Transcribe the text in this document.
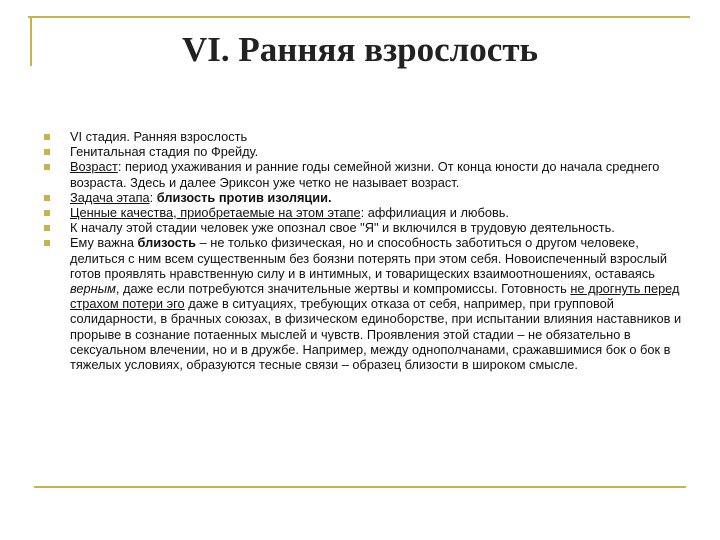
VI. Ранняя взрослость
VI стадия. Ранняя взрослость
Генитальная стадия по Фрейду.
Возраст: период ухаживания и ранние годы семейной жизни. От конца юности до начала среднего возраста. Здесь и далее Эриксон уже четко не называет возраст.
Задача этапа: близость против изоляции.
Ценные качества, приобретаемые на этом этапе: аффилиация и любовь.
К началу этой стадии человек уже опознал свое "Я" и включился в трудовую деятельность.
Ему важна близость – не только физическая, но и способность заботиться о другом человеке, делиться с ним всем существенным без боязни потерять при этом себя. Новоиспеченный взрослый готов проявлять нравственную силу и в интимных, и товарищеских взаимоотношениях, оставаясь верным, даже если потребуются значительные жертвы и компромиссы. Готовность не дрогнуть перед страхом потери эго даже в ситуациях, требующих отказа от себя, например, при групповой солидарности, в брачных союзах, в физическом единоборстве, при испытании влияния наставников и прорыве в сознание потаенных мыслей и чувств. Проявления этой стадии – не обязательно в сексуальном влечении, но и в дружбе. Например, между однополчанами, сражавшимися бок о бок в тяжелых условиях, образуются тесные связи – образец близости в широком смысле.
